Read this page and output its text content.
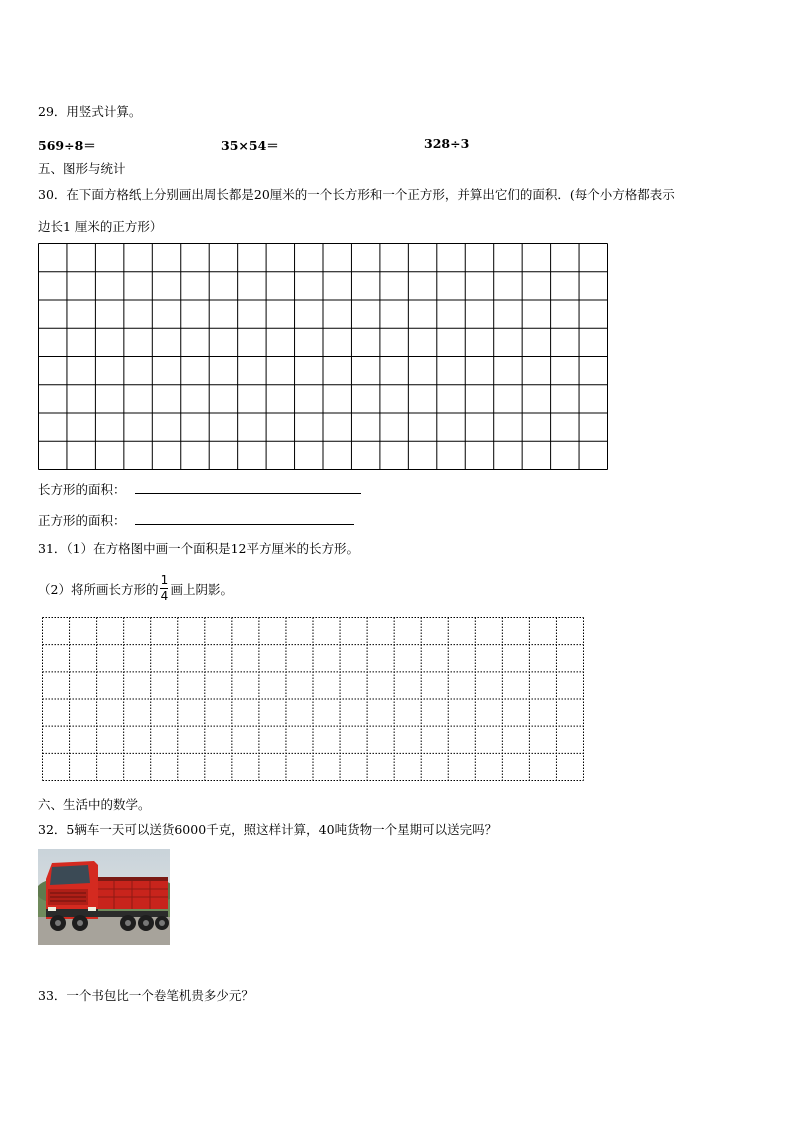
29．用竖式计算。
569÷8＝	35×54＝	328÷3
五、图形与统计
30．在下面方格纸上分别画出周长都是20厘米的一个长方形和一个正方形，并算出它们的面积．(每个小方格都表示
边长1 厘米的正方形）
长方形的面积：
正方形的面积：
31．（1）在方格图中画一个面积是12平方厘米的长方形。
（2）将所画长方形的 $\frac{1}{4}$ 画上阴影。
六、生活中的数学。
32．5辆车一天可以送货6000千克，照这样计算，40吨货物一个星期可以送完吗？
33．一个书包比一个卷笔机贵多少元？
